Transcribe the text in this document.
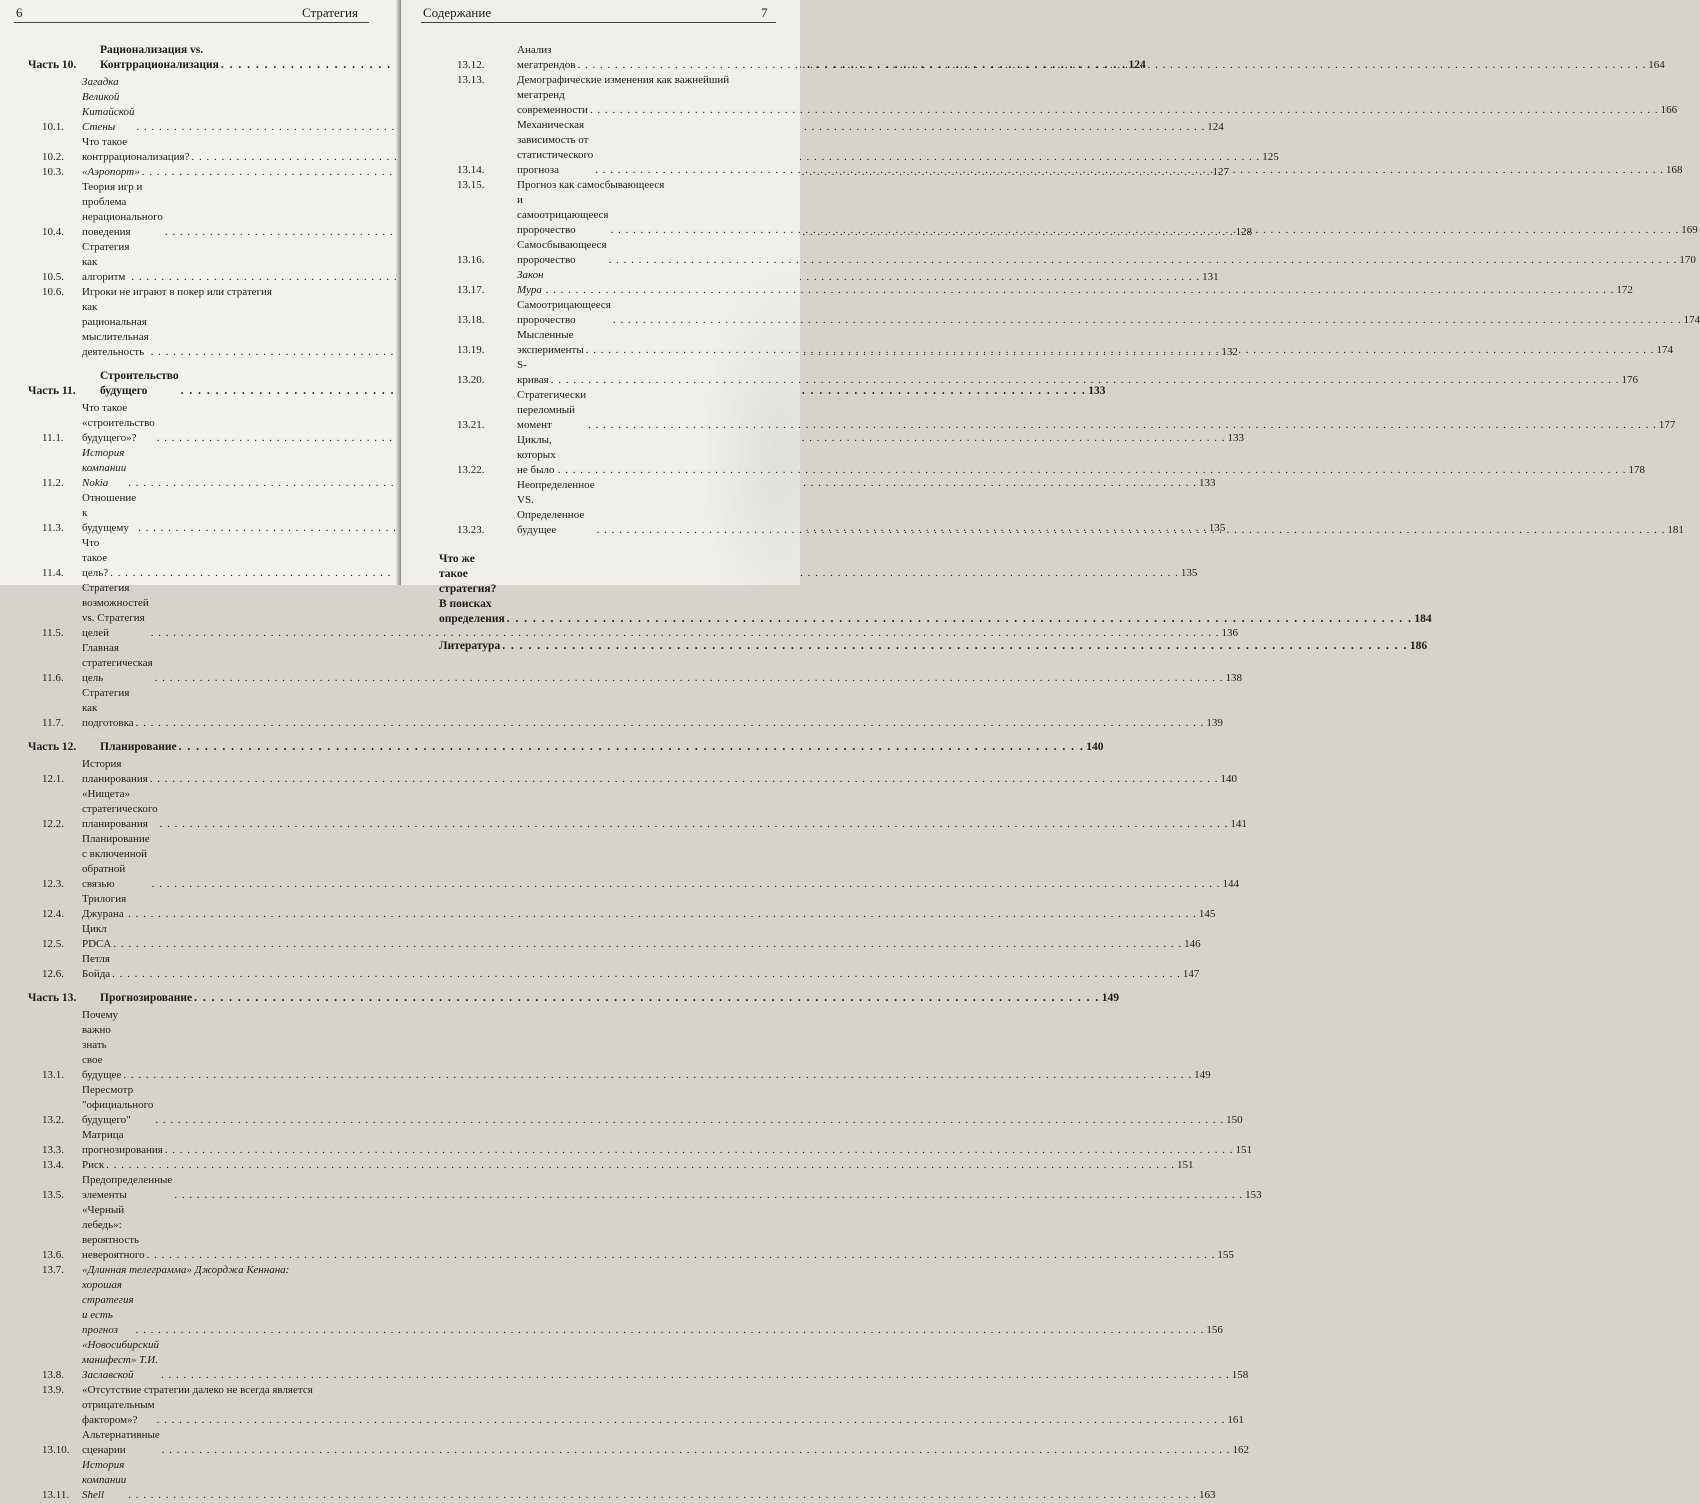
6	Стратегия
Часть 10.
Рационализация vs. Контррационализация . . .	124
10.1.
Загадка Великой Китайской Стены . . .	124
10.2.
Что такое контррационализация? . . .	125
10.3.	«Аэропорт» . . .	127
10.4.
Теория игр и проблема нерационального поведения . . .	128
10.5.
Стратегия как алгоритм . . .	131
10.6.	Игроки не играют в покер или стратегия
как рациональная мыслительная деятельность . . .	132
Часть 11.
Строительство будущего . . .	133
11.1.
Что такое «строительство будущего»? . . .	133
11.2.
История компании Nokia . . .	133
11.3.
Отношение к будущему . . .	135
11.4.
Что такое цель? . . .	135
11.5.
Стратегия возможностей vs. Стратегия целей . . .	136
11.6.
Главная стратегическая цель . . .	138
11.7.
Стратегия как подготовка . . .	139
Часть 12.	Планирование . . .	140
12.1.
История планирования . . .	140
12.2.
«Нищета» стратегического планирования . . .	141
12.3.
Планирование с включенной обратной связью . . .	144
12.4.
Трилогия Джурана . . .	145
12.5.
Цикл PDCA . . .	146
12.6.
Петля Бойда . . .	147
Часть 13.	Прогнозирование . . .	149
13.1.
Почему важно знать свое будущее . . .	149
13.2.
Пересмотр "официального будущего" . . .	150
13.3.
Матрица прогнозирования . . .	151
13.4.	Риск . . .	151
13.5.
Предопределенные элементы . . .	153
13.6.
«Черный лебедь»: вероятность невероятного . . .	155
13.7.	«Длинная телеграмма» Джорджа Кеннана:
хорошая стратегия и есть прогноз . . .	156
13.8.
«Новосибирский манифест» Т.И. Заславской . . .	158
13.9.	«Отсутствие стратегии далеко не всегда является
отрицательным фактором»? . . .	161
13.10.
Альтернативные сценарии . . .	162
13.11.
История компании Shell . . .	163
Содержание	7
13.12.
Анализ мегатрендов . . .	164
13.13.	Демографические изменения как важнейший
мегатренд современности . . .	166
13.14.
Механическая зависимость от статистического прогноза . . .	168
13.15.	Прогноз как самосбывающееся
и самоотрицающееся пророчество . . .	169
13.16.
Самосбывающееся пророчество . . .	170
13.17.
Закон Мура . . .	172
13.18.
Самоотрицающееся пророчество . . .	174
13.19.
Мысленные эксперименты . . .	174
13.20.
S-кривая . . .	176
13.21.
Стратегически переломный момент . . .	177
13.22.
Циклы, которых не было . . .	178
13.23.
Неопределенное VS. Определенное будущее . . .	181
Что же такое стратегия? В поисках определения . . .	184
Литература . . .	186
